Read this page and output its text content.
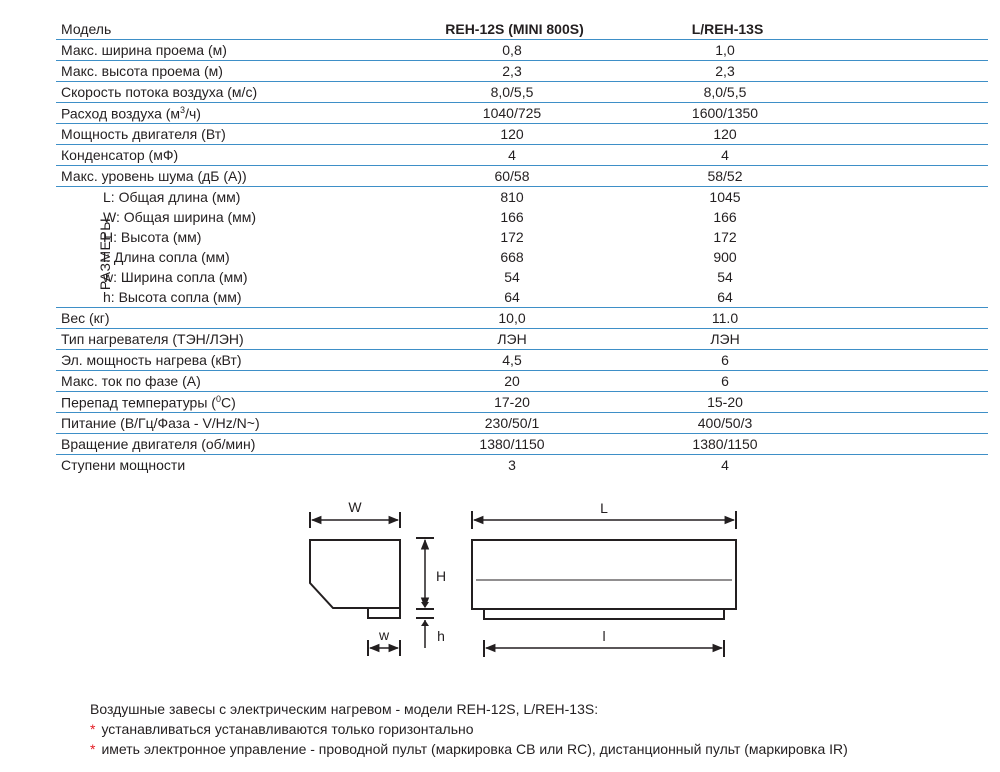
Модель	REH-12S (MINI 800S)	L/REH-13S	
Макс. ширина проема (м)	0,8	1,0	
Макс. высота проема (м)	2,3	2,3	
Скорость потока воздуха (м/с)	8,0/5,5	8,0/5,5	
Расход воздуха $(м^3/ч)$	1040/725	1600/1350	
Мощность двигателя (Вт)	120	120	
Конденсатор (мФ)	4	4	
Макс. уровень шума (дБ (А))	60/58	58/52	

РАЗМЕРЫ
L: Общая длина (мм)	810	1045	
W: Общая ширина (мм)	166	166	
H: Высота (мм)	172	172	
l: Длина сопла (мм)	668	900	
w: Ширина сопла (мм)	54	54	
h: Высота сопла (мм)	64	64	
Вес (кг)	10,0	11.0	
Тип нагревателя (ТЭН/ЛЭН)	ЛЭН	ЛЭН	
Эл. мощность нагрева (кВт)	4,5	6	
Макс. ток по фазе (А)	20	6	
Перепад температуры ($^0$С)	17-20	15-20	
Питание (В/Гц/Фаза - V/Hz/N~)	230/50/1	400/50/3	
Вращение двигателя (об/мин)	1380/1150	1380/1150	
Ступени мощности	3	4	
W	L
H
h
w	l
Воздушные завесы с электрическим нагревом - модели REH-12S, L/REH-13S:
* устанавливаться устанавливаются только горизонтально
* иметь электронное управление - проводной пульт (маркировка CB или RC), дистанционный пульт (маркировка IR)
